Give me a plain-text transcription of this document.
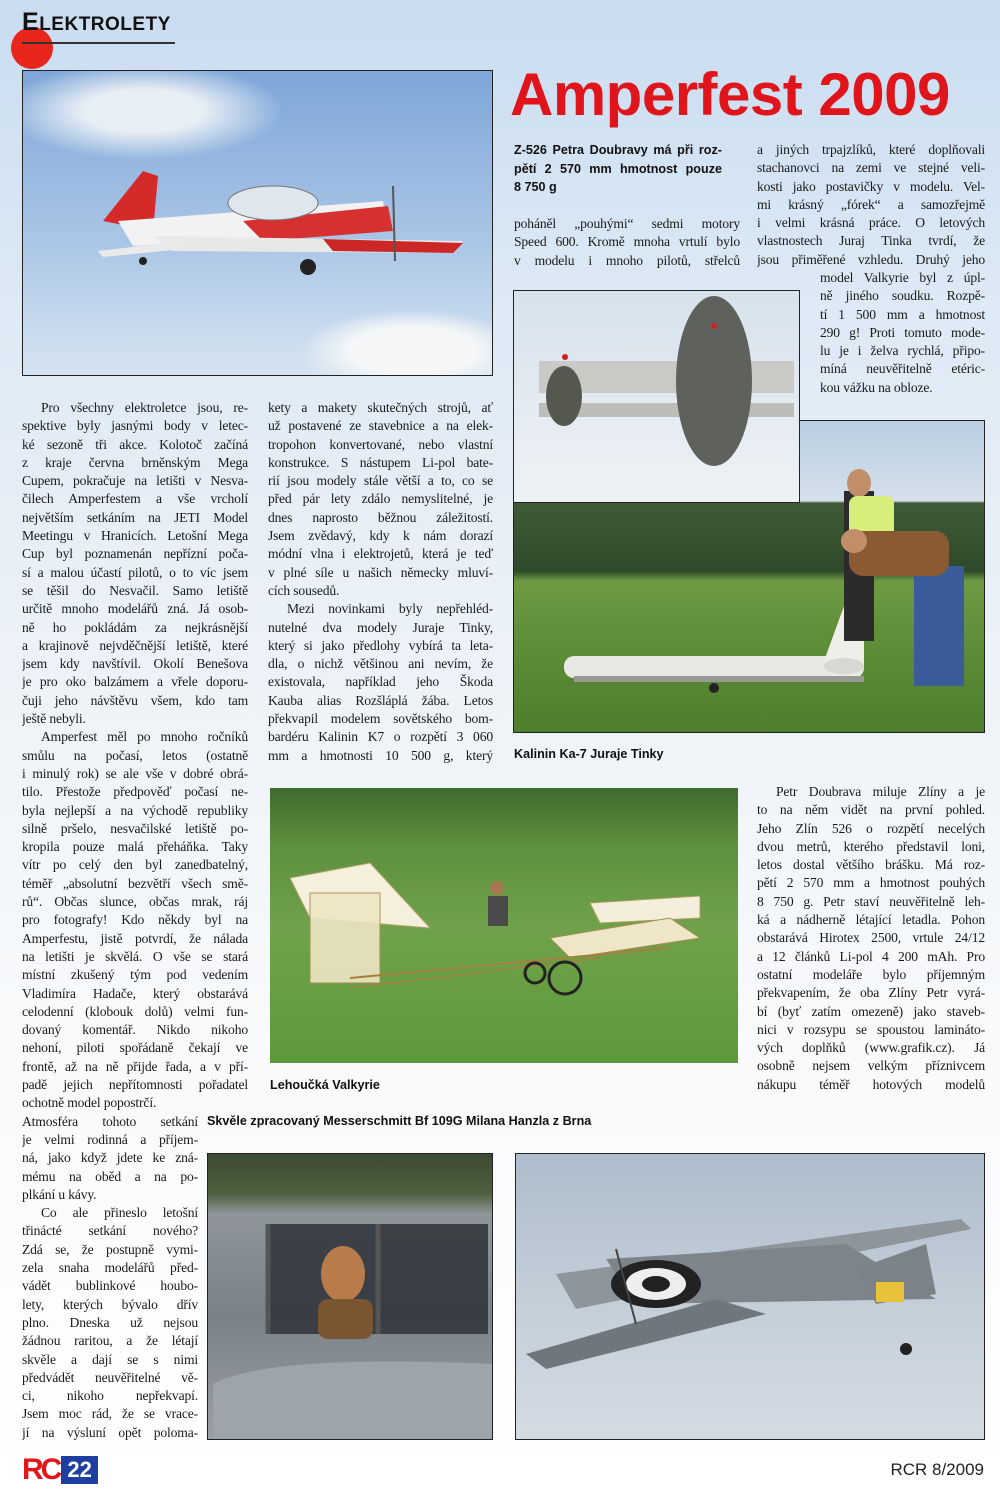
ELEKTROLETY
Amperfest 2009
Z-526 Petra Doubravy má při roz-
pětí 2 570 mm hmotnost pouze
8 750 g
Pro všechny elektroletce jsou, re-
spektive byly jasnými body v letec-
ké sezoně tři akce. Kolotoč začíná
z kraje června brněnským Mega
Cupem, pokračuje na letišti v Nesva-
čilech Amperfestem a vše vrcholí
největším setkáním na JETI Model
Meetingu v Hranicích. Letošní Mega
Cup byl poznamenán nepřízní poča-
sí a malou účastí pilotů, o to víc jsem
se těšil do Nesvačil. Samo letiště
určitě mnoho modelářů zná. Já osob-
ně ho pokládám za nejkrásnější
a krajinově nejvděčnější letiště, které
jsem kdy navštívil. Okolí Benešova
je pro oko balzámem a vřele doporu-
čuji jeho návštěvu všem, kdo tam
ještě nebyli.
Amperfest měl po mnoho ročníků
smůlu na počasí, letos (ostatně
i minulý rok) se ale vše v dobré obrá-
tilo. Přestože předpověď počasí ne-
byla nejlepší a na východě republiky
silně pršelo, nesvačilské letiště po-
kropila pouze malá přeháňka. Taky
vítr po celý den byl zanedbatelný,
téměř „absolutní bezvětří všech smě-
rů“. Občas slunce, občas mrak, ráj
pro fotografy! Kdo někdy byl na
Amperfestu, jistě potvrdí, že nálada
na letišti je skvělá. O vše se stará
místní zkušený tým pod vedením
Vladimíra Hadače, který obstarává
celodenní (klobouk dolů) velmi fun-
dovaný komentář. Nikdo nikoho
nehoní, piloti spořádaně čekají ve
frontě, až na ně přijde řada, a v pří-
padě jejich nepřítomnosti pořadatel
ochotně model popostrčí.
Atmosféra tohoto setkání
je velmi rodinná a příjem-
ná, jako když jdete ke zná-
mému na oběd a na po-
plkání u kávy.
Co ale přineslo letošní
třinácté setkání nového?
Zdá se, že postupně vymi-
zela snaha modelářů před-
vádět bublinkové houbo-
lety, kterých bývalo dřív
plno. Dneska už nejsou
žádnou raritou, a že létají
skvěle a dají se s nimi
předvádět neuvěřitelné vě-
ci, nikoho nepřekvapí.
Jsem moc rád, že se vrace-
jí na výsluní opět poloma-
kety a makety skutečných strojů, ať
už postavené ze stavebnice a na elek-
tropohon konvertované, nebo vlastní
konstrukce. S nástupem Li-pol bate-
rií jsou modely stále větší a to, co se
před pár lety zdálo nemyslitelné, je
dnes naprosto běžnou záležitostí.
Jsem zvědavý, kdy k nám dorazí
módní vlna i elektrojetů, která je teď
v plné síle u našich německy mluví-
cích sousedů.
Mezi novinkami byly nepřehléd-
nutelné dva modely Juraje Tinky,
který si jako předlohy vybírá ta leta-
dla, o nichž většinou ani nevím, že
existovala, například jeho Škoda
Kauba alias Rozšláplá žába. Letos
překvapil modelem sovětského bom-
bardéru Kalinin K7 o rozpětí 3 060
mm a hmotnosti 10 500 g, který
poháněl „pouhými“ sedmi motory
Speed 600. Kromě mnoha vrtulí bylo
v modelu i mnoho pilotů, střelců
a jiných trpajzlíků, které doplňovali
stachanovci na zemi ve stejné veli-
kosti jako postavičky v modelu. Vel-
mi krásný „fórek“ a samozřejmě
i velmi krásná práce. O letových
vlastnostech Juraj Tinka tvrdí, že
jsou přiměřené vzhledu. Druhý jeho
model Valkyrie byl z úpl-
ně jiného soudku. Rozpě-
tí 1 500 mm a hmotnost
290 g! Proti tomuto mode-
lu je i želva rychlá, připo-
míná neuvěřitelně etéric-
kou vážku na obloze.
Kalinin Ka-7 Juraje Tinky
Lehoučká Valkyrie
Petr Doubrava miluje Zlíny a je
to na něm vidět na první pohled.
Jeho Zlín 526 o rozpětí necelých
dvou metrů, kterého představil loni,
letos dostal většího brášku. Má roz-
pětí 2 570 mm a hmotnost pouhých
8 750 g. Petr staví neuvěřitelně leh-
ká a nádherně létající letadla. Pohon
obstarává Hirotex 2500, vrtule 24/12
a 12 článků Li-pol 4 200 mAh. Pro
ostatní modeláře bylo příjemným
překvapením, že oba Zlíny Petr vyrá-
bí (byť zatím omezeně) jako staveb-
nici v rozsypu se spoustou lamináto-
vých doplňků (www.grafik.cz). Já
osobně nejsem velkým příznivcem
nákupu téměř hotových modelů
Skvěle zpracovaný Messerschmitt Bf 109G Milana Hanzla z Brna
RC 22	RCR 8/2009
